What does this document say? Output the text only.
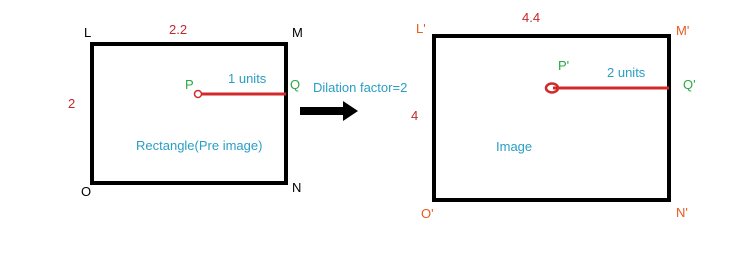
L	M
N
O
2.2
2
P	Q
1 units
Rectangle(Pre image)
Dilation factor=2
L'	M'
N'
O'
4.4
4
P'
Q'
2 units
Image
